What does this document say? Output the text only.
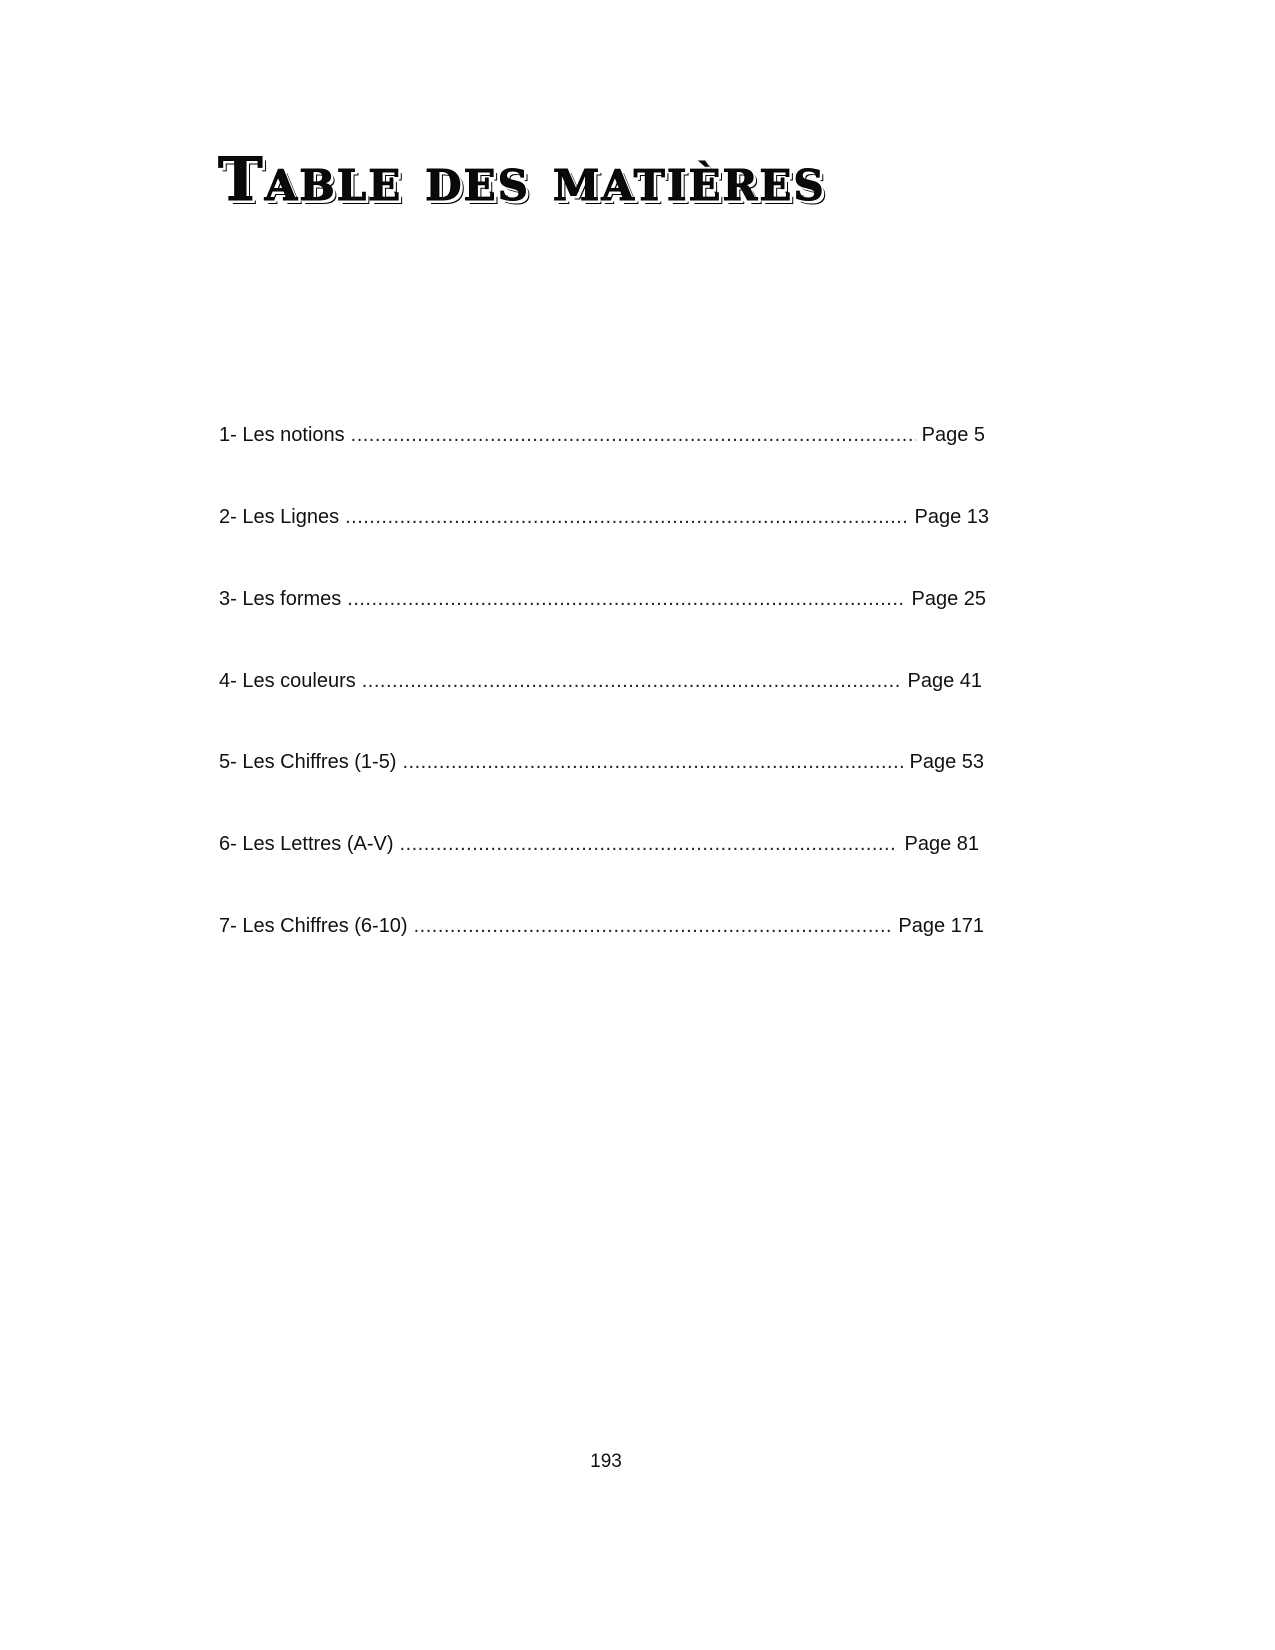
Table des matières
1- Les notions .....	Page 5
2- Les Lignes .....	Page 13
3- Les formes .....	Page 25
4- Les couleurs .....	Page 41
5- Les Chiffres (1-5) .....	Page 53
6- Les Lettres (A-V) .....	Page 81
7- Les Chiffres (6-10) .....	Page 171
193
